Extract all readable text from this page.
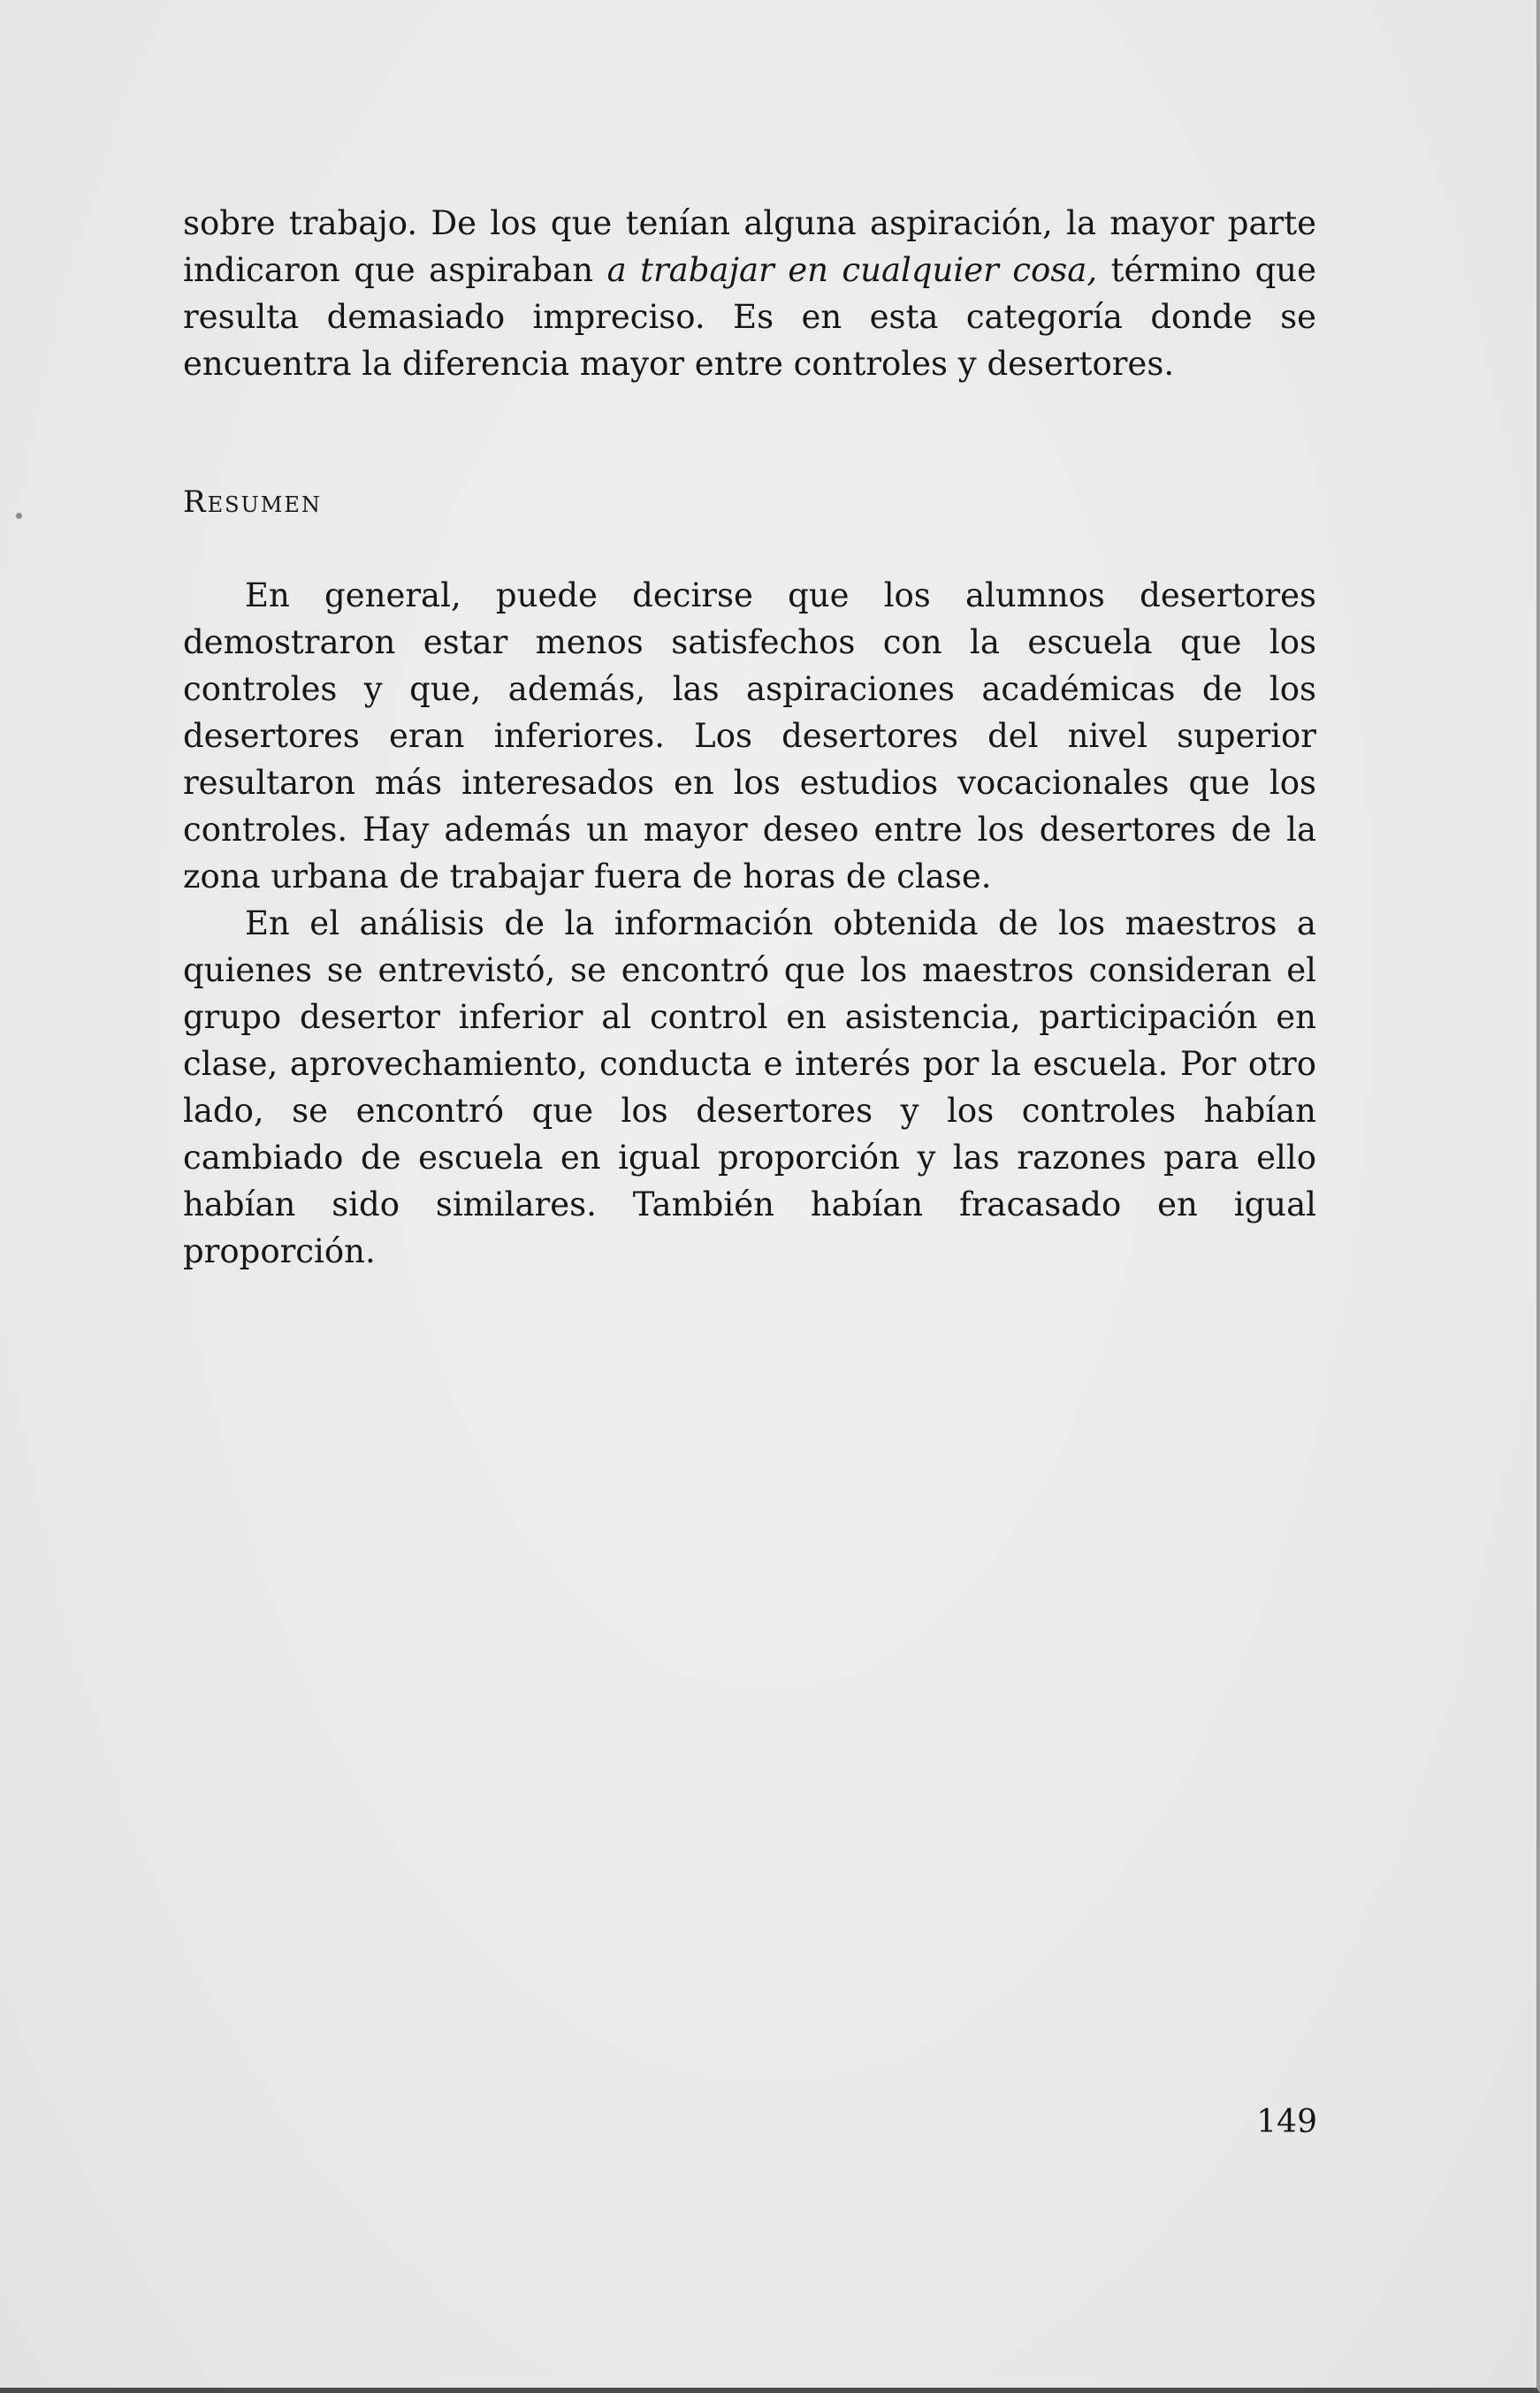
sobre trabajo. De los que tenían alguna aspiración, la mayor parte indicaron que aspiraban a trabajar en cualquier cosa, término que resulta demasiado impreciso. Es en esta categoría donde se encuentra la diferencia mayor entre controles y desertores.

Resumen

En general, puede decirse que los alumnos desertores demostraron estar menos satisfechos con la escuela que los controles y que, además, las aspiraciones académicas de los desertores eran inferiores. Los desertores del nivel superior resultaron más interesados en los estudios vocacionales que los controles. Hay además un mayor deseo entre los desertores de la zona urbana de trabajar fuera de horas de clase.

En el análisis de la información obtenida de los maestros a quienes se entrevistó, se encontró que los maestros consideran el grupo desertor inferior al control en asistencia, participación en clase, aprovechamiento, conducta e interés por la escuela. Por otro lado, se encontró que los desertores y los controles habían cambiado de escuela en igual proporción y las razones para ello habían sido similares. También habían fracasado en igual proporción.

149
